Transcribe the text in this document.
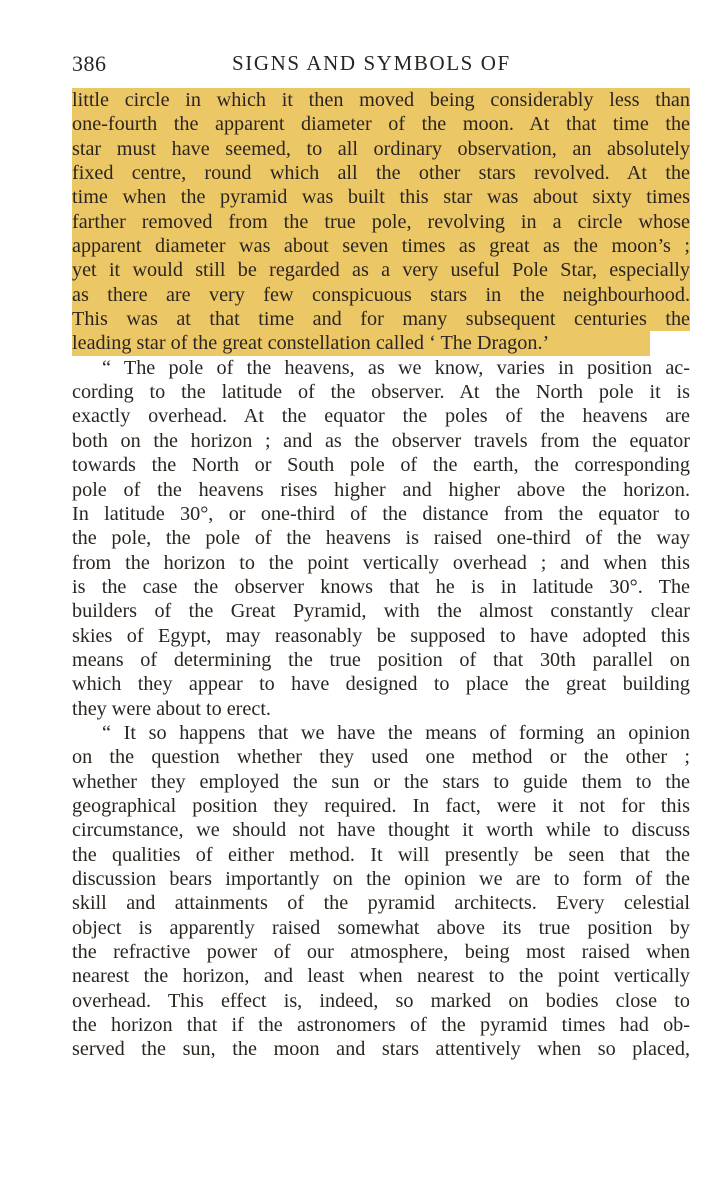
386	SIGNS AND SYMBOLS OF
little circle in which it then moved being considerably less than
one-fourth the apparent diameter of the moon. At that time the
star must have seemed, to all ordinary observation, an absolutely
fixed centre, round which all the other stars revolved. At the
time when the pyramid was built this star was about sixty times
farther removed from the true pole, revolving in a circle whose
apparent diameter was about seven times as great as the moon’s ;
yet it would still be regarded as a very useful Pole Star, especially
as there are very few conspicuous stars in the neighbourhood.
This was at that time and for many subsequent centuries the
leading star of the great constellation called ‘ The Dragon.’
“ The pole of the heavens, as we know, varies in position ac-
cording to the latitude of the observer. At the North pole it is
exactly overhead. At the equator the poles of the heavens are
both on the horizon ; and as the observer travels from the equator
towards the North or South pole of the earth, the corresponding
pole of the heavens rises higher and higher above the horizon.
In latitude 30°, or one-third of the distance from the equator to
the pole, the pole of the heavens is raised one-third of the way
from the horizon to the point vertically overhead ; and when this
is the case the observer knows that he is in latitude 30°. The
builders of the Great Pyramid, with the almost constantly clear
skies of Egypt, may reasonably be supposed to have adopted this
means of determining the true position of that 30th parallel on
which they appear to have designed to place the great building
they were about to erect.
“ It so happens that we have the means of forming an opinion
on the question whether they used one method or the other ;
whether they employed the sun or the stars to guide them to the
geographical position they required. In fact, were it not for this
circumstance, we should not have thought it worth while to discuss
the qualities of either method. It will presently be seen that the
discussion bears importantly on the opinion we are to form of the
skill and attainments of the pyramid architects. Every celestial
object is apparently raised somewhat above its true position by
the refractive power of our atmosphere, being most raised when
nearest the horizon, and least when nearest to the point vertically
overhead. This effect is, indeed, so marked on bodies close to
the horizon that if the astronomers of the pyramid times had ob-
served the sun, the moon and stars attentively when so placed,
